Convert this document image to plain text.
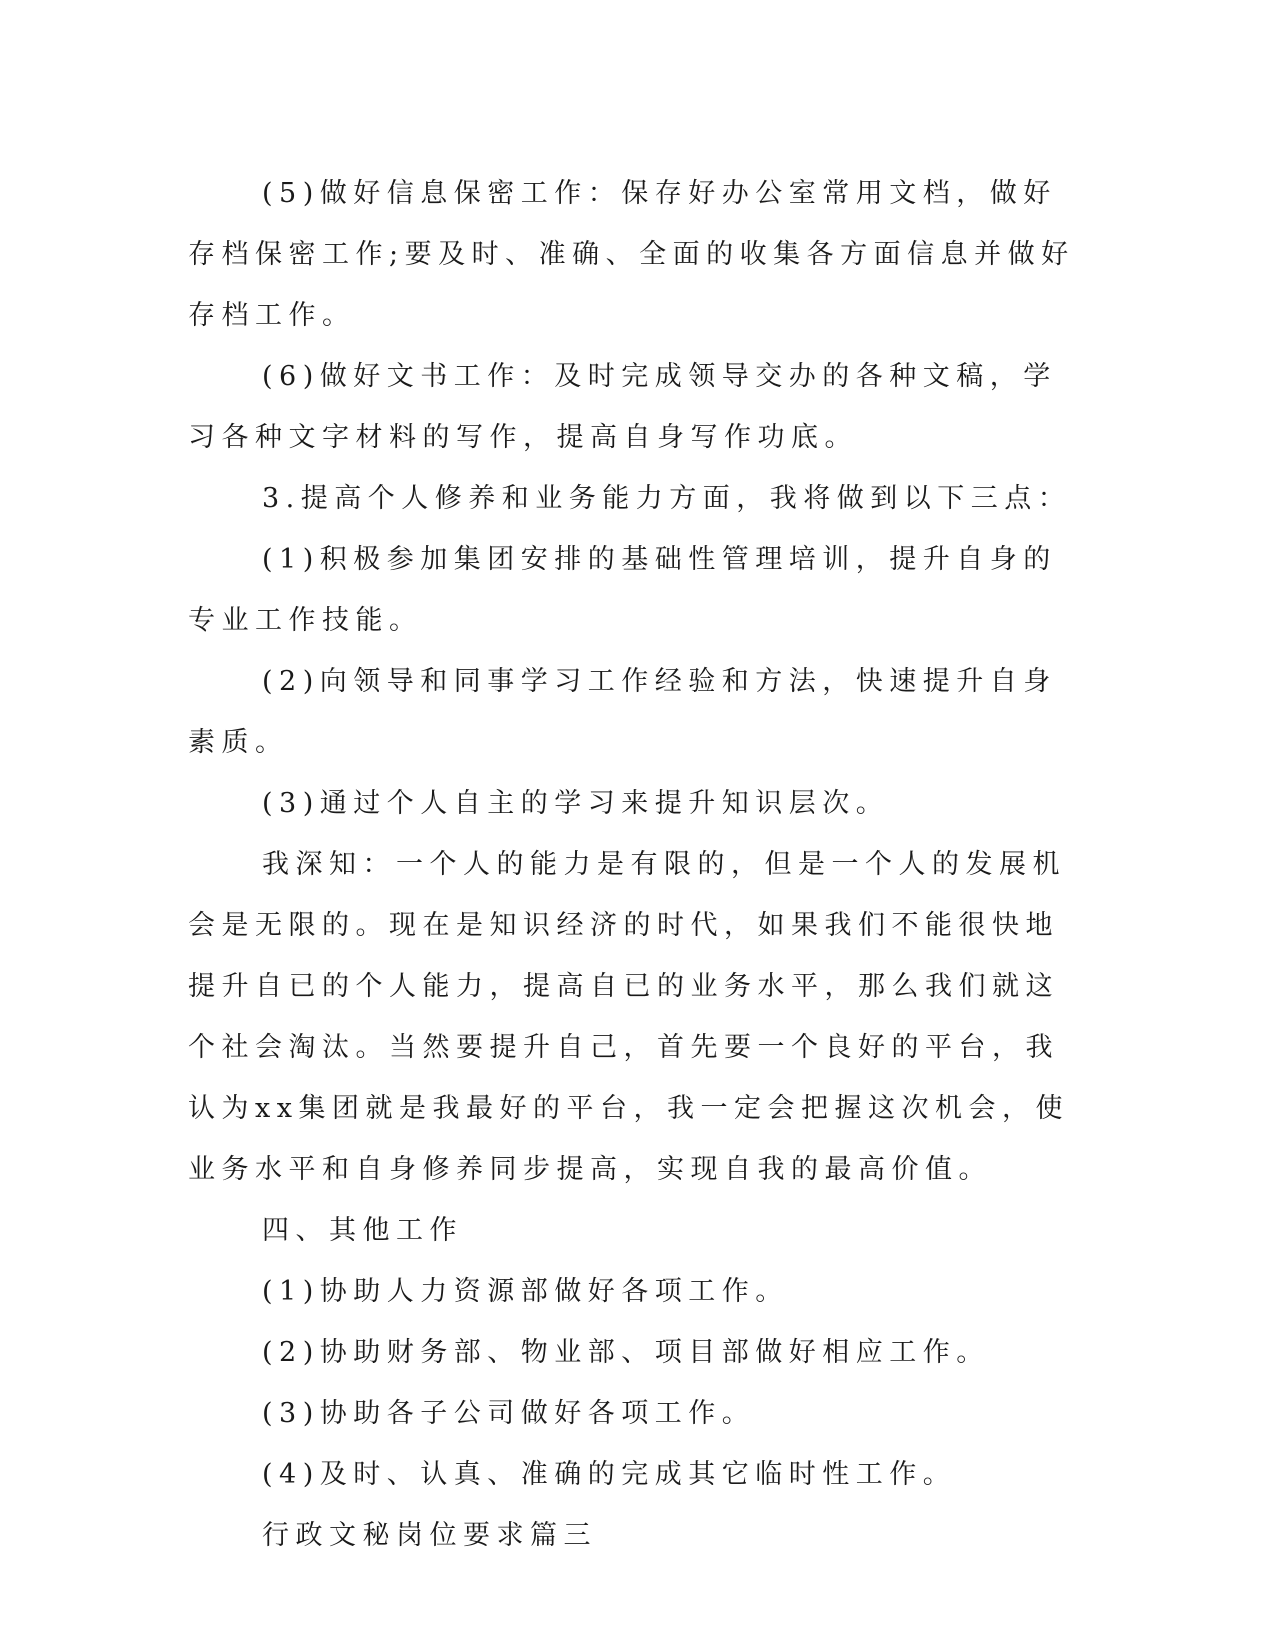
(5)做好信息保密工作：保存好办公室常用文档，做好存档保密工作;要及时、准确、全面的收集各方面信息并做好存档工作。

(6)做好文书工作：及时完成领导交办的各种文稿，学习各种文字材料的写作，提高自身写作功底。

3.提高个人修养和业务能力方面，我将做到以下三点：

(1)积极参加集团安排的基础性管理培训，提升自身的专业工作技能。

(2)向领导和同事学习工作经验和方法，快速提升自身素质。

(3)通过个人自主的学习来提升知识层次。

我深知：一个人的能力是有限的，但是一个人的发展机会是无限的。现在是知识经济的时代，如果我们不能很快地提升自已的个人能力，提高自已的业务水平，那么我们就这个社会淘汰。当然要提升自己，首先要一个良好的平台，我认为xx集团就是我最好的平台，我一定会把握这次机会，使业务水平和自身修养同步提高，实现自我的最高价值。

四、其他工作

(1)协助人力资源部做好各项工作。

(2)协助财务部、物业部、项目部做好相应工作。

(3)协助各子公司做好各项工作。

(4)及时、认真、准确的完成其它临时性工作。

行政文秘岗位要求篇三
